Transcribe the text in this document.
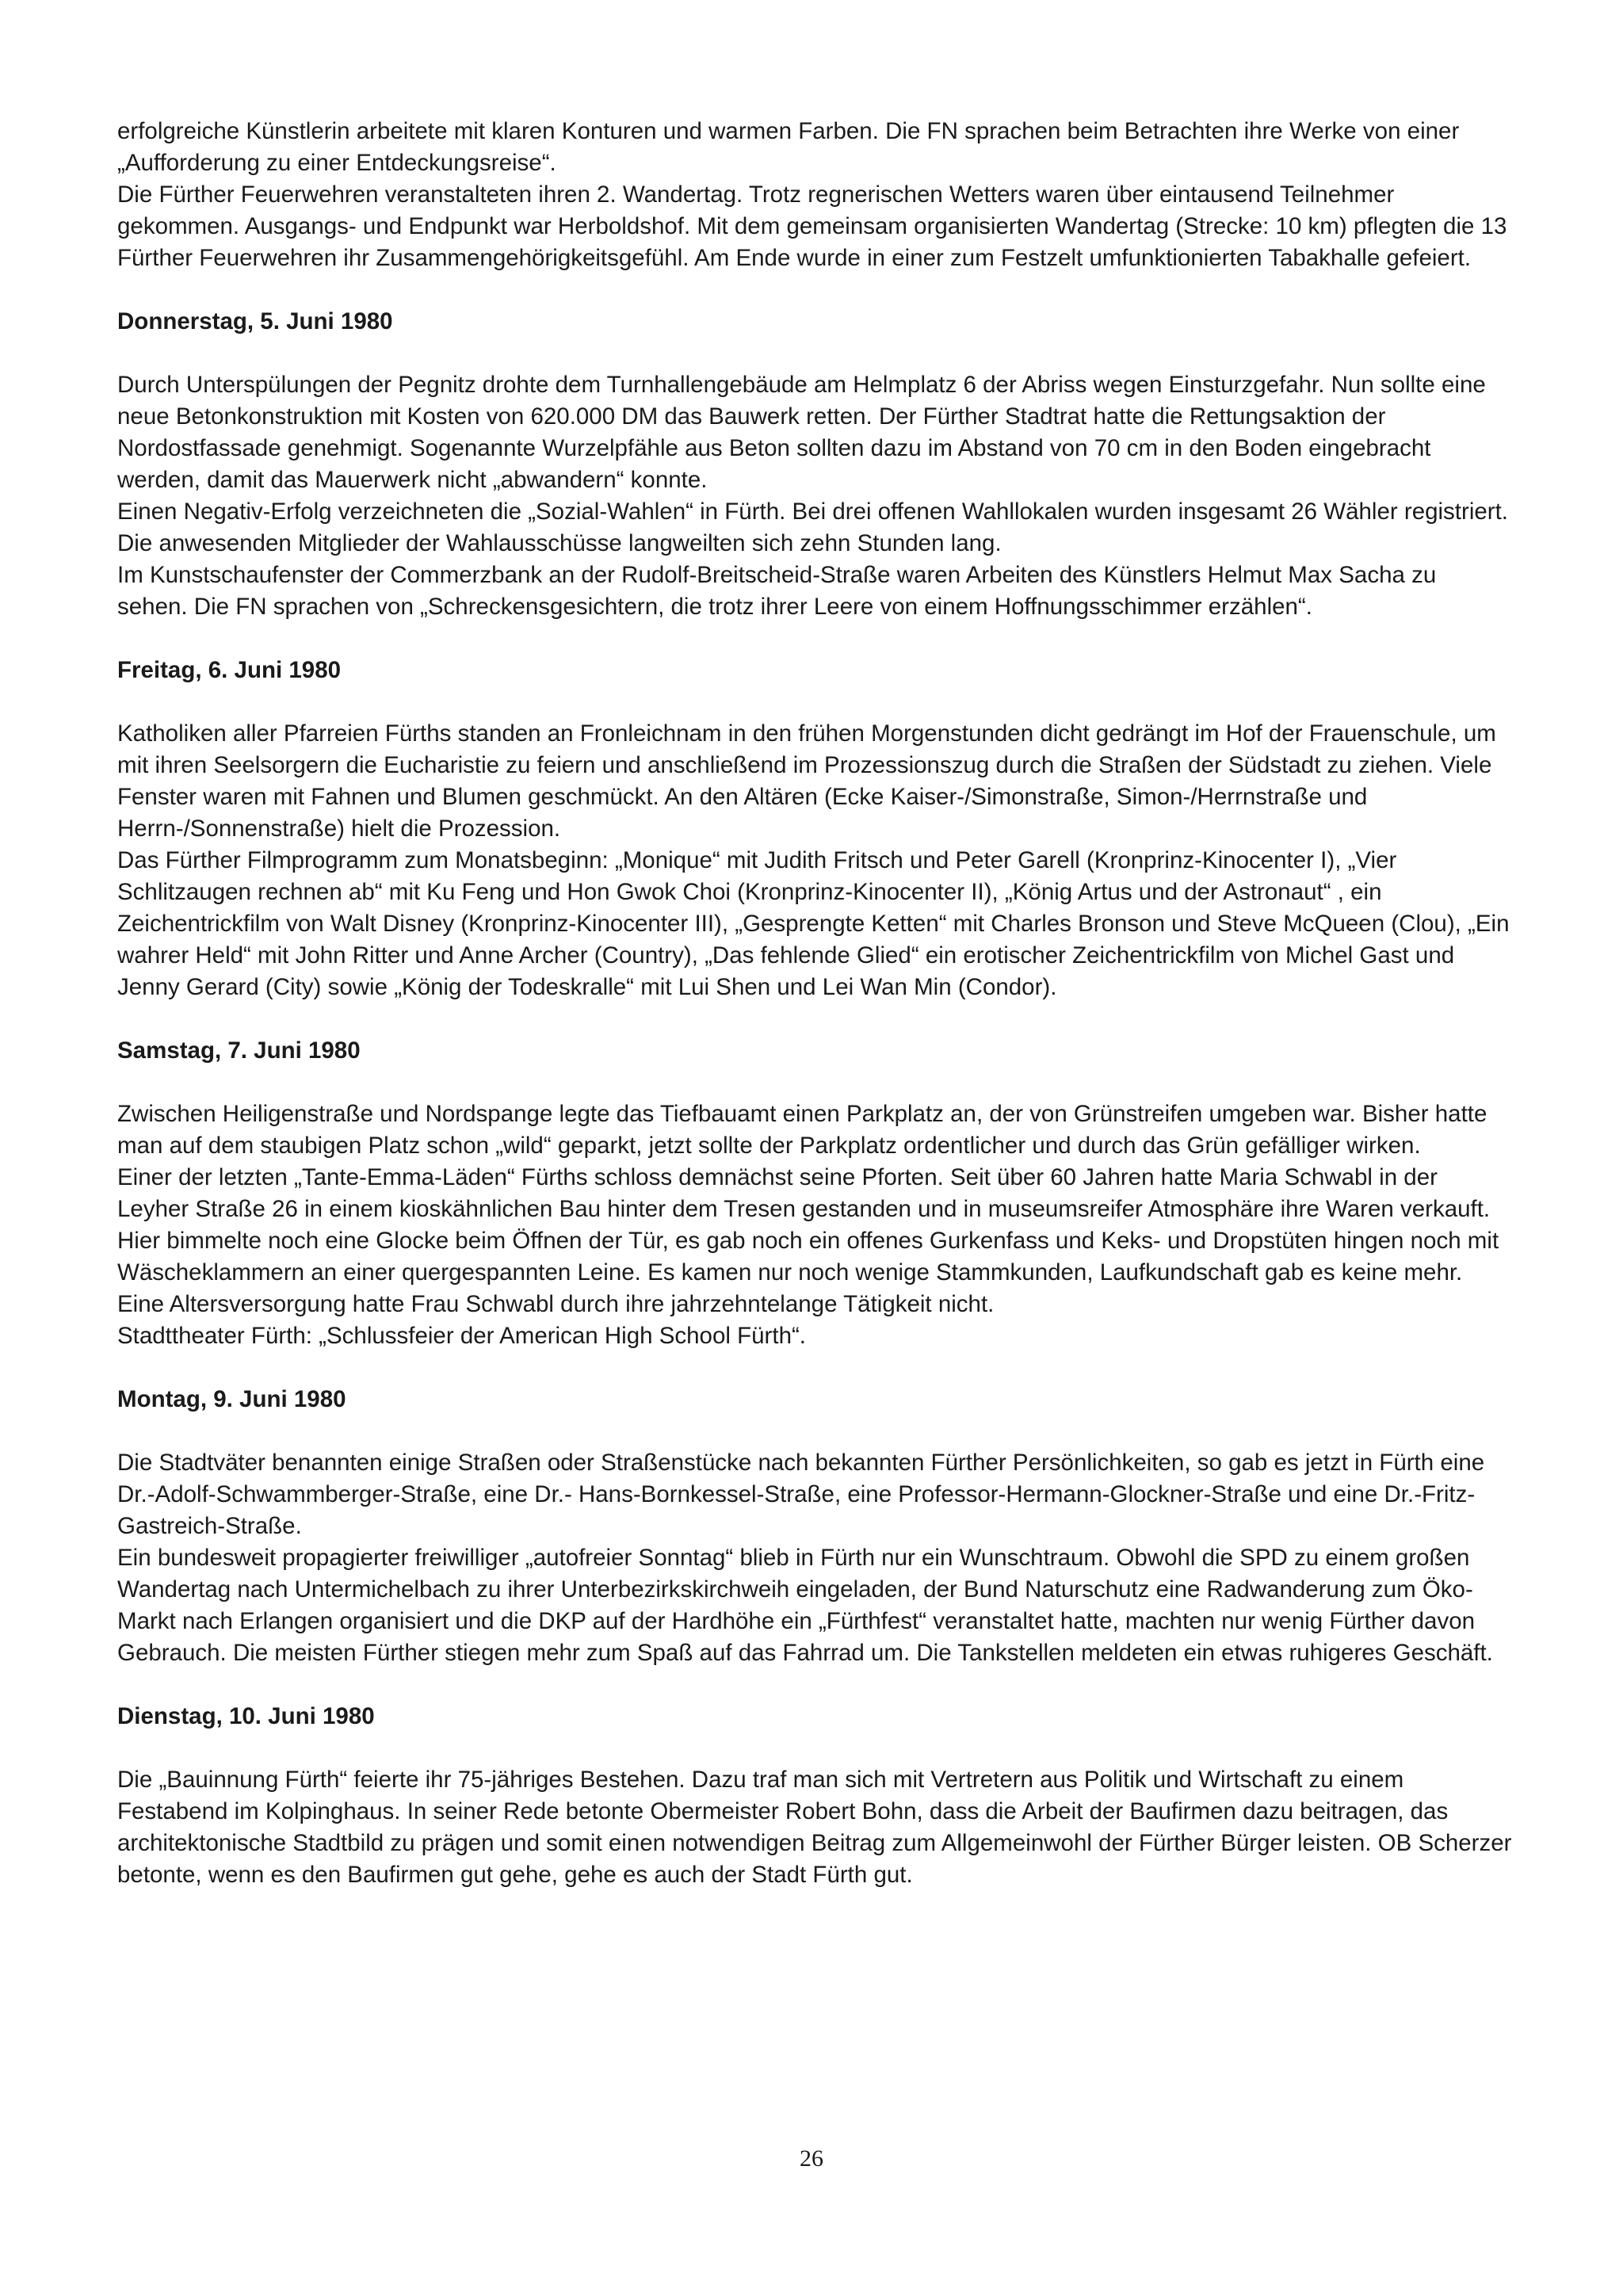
erfolgreiche Künstlerin arbeitete mit klaren Konturen und warmen Farben. Die FN sprachen beim Betrachten ihre Werke von einer „Aufforderung zu einer Entdeckungsreise“.

Die Fürther Feuerwehren veranstalteten ihren 2. Wandertag. Trotz regnerischen Wetters waren über eintausend Teilnehmer gekommen. Ausgangs- und Endpunkt war Herboldshof. Mit dem gemeinsam organisierten Wandertag (Strecke: 10 km) pflegten die 13 Fürther Feuerwehren ihr Zusammengehörigkeitsgefühl. Am Ende wurde in einer zum Festzelt umfunktionierten Tabakhalle gefeiert.

Donnerstag, 5. Juni 1980

Durch Unterspülungen der Pegnitz drohte dem Turnhallengebäude am Helmplatz 6 der Abriss wegen Einsturzgefahr. Nun sollte eine neue Betonkonstruktion mit Kosten von 620.000 DM das Bauwerk retten. Der Fürther Stadtrat hatte die Rettungsaktion der Nordostfassade genehmigt. Sogenannte Wurzelpfähle aus Beton sollten dazu im Abstand von 70 cm in den Boden eingebracht werden, damit das Mauerwerk nicht „abwandern“ konnte.

Einen Negativ-Erfolg verzeichneten die „Sozial-Wahlen“ in Fürth. Bei drei offenen Wahllokalen wurden insgesamt 26 Wähler registriert. Die anwesenden Mitglieder der Wahlausschüsse langweilten sich zehn Stunden lang.

Im Kunstschaufenster der Commerzbank an der Rudolf-Breitscheid-Straße waren Arbeiten des Künstlers Helmut Max Sacha zu sehen. Die FN sprachen von „Schreckensgesichtern, die trotz ihrer Leere von einem Hoffnungsschimmer erzählen“.

Freitag, 6. Juni 1980

Katholiken aller Pfarreien Fürths standen an Fronleichnam in den frühen Morgenstunden dicht gedrängt im Hof der Frauenschule, um mit ihren Seelsorgern die Eucharistie zu feiern und anschließend im Prozessionszug durch die Straßen der Südstadt zu ziehen. Viele Fenster waren mit Fahnen und Blumen geschmückt. An den Altären (Ecke Kaiser-/Simonstraße, Simon-/Herrnstraße und Herrn-/Sonnenstraße) hielt die Prozession.

Das Fürther Filmprogramm zum Monatsbeginn: „Monique“ mit Judith Fritsch und Peter Garell (Kronprinz-Kinocenter I), „Vier Schlitzaugen rechnen ab“ mit Ku Feng und Hon Gwok Choi (Kronprinz-Kinocenter II), „König Artus und der Astronaut“ , ein Zeichentrickfilm von Walt Disney (Kronprinz-Kinocenter III), „Gesprengte Ketten“ mit Charles Bronson und Steve McQueen (Clou), „Ein wahrer Held“ mit John Ritter und Anne Archer (Country), „Das fehlende Glied“ ein erotischer Zeichentrickfilm von Michel Gast und Jenny Gerard (City) sowie „König der Todeskralle“ mit Lui Shen und Lei Wan Min (Condor).

Samstag, 7. Juni 1980

Zwischen Heiligenstraße und Nordspange legte das Tiefbauamt einen Parkplatz an, der von Grünstreifen umgeben war. Bisher hatte man auf dem staubigen Platz schon „wild“ geparkt, jetzt sollte der Parkplatz ordentlicher und durch das Grün gefälliger wirken.

Einer der letzten „Tante-Emma-Läden“ Fürths schloss demnächst seine Pforten. Seit über 60 Jahren hatte Maria Schwabl in der Leyher Straße 26 in einem kioskähnlichen Bau hinter dem Tresen gestanden und in museumsreifer Atmosphäre ihre Waren verkauft. Hier bimmelte noch eine Glocke beim Öffnen der Tür, es gab noch ein offenes Gurkenfass und Keks- und Dropstüten hingen noch mit Wäscheklammern an einer quergespannten Leine. Es kamen nur noch wenige Stammkunden, Laufkundschaft gab es keine mehr. Eine Altersversorgung hatte Frau Schwabl durch ihre jahrzehntelange Tätigkeit nicht.

Stadttheater Fürth: „Schlussfeier der American High School Fürth“.

Montag, 9. Juni 1980

Die Stadtväter benannten einige Straßen oder Straßenstücke nach bekannten Fürther Persönlichkeiten, so gab es jetzt in Fürth eine Dr.-Adolf-Schwammberger-Straße, eine Dr.- Hans-Bornkessel-Straße, eine Professor-Hermann-Glockner-Straße und eine Dr.-Fritz-Gastreich-Straße.

Ein bundesweit propagierter freiwilliger „autofreier Sonntag“ blieb in Fürth nur ein Wunschtraum. Obwohl die SPD zu einem großen Wandertag nach Untermichelbach zu ihrer Unterbezirkskirchweih eingeladen, der Bund Naturschutz eine Radwanderung zum Öko-Markt nach Erlangen organisiert und die DKP auf der Hardhöhe ein „Fürthfest“ veranstaltet hatte, machten nur wenig Fürther davon Gebrauch. Die meisten Fürther stiegen mehr zum Spaß auf das Fahrrad um. Die Tankstellen meldeten ein etwas ruhigeres Geschäft.

Dienstag, 10. Juni 1980

Die „Bauinnung Fürth“ feierte ihr 75-jähriges Bestehen. Dazu traf man sich mit Vertretern aus Politik und Wirtschaft zu einem Festabend im Kolpinghaus. In seiner Rede betonte Obermeister Robert Bohn, dass die Arbeit der Baufirmen dazu beitragen, das architektonische Stadtbild zu prägen und somit einen notwendigen Beitrag zum Allgemeinwohl der Fürther Bürger leisten. OB Scherzer betonte, wenn es den Baufirmen gut gehe, gehe es auch der Stadt Fürth gut.

26
